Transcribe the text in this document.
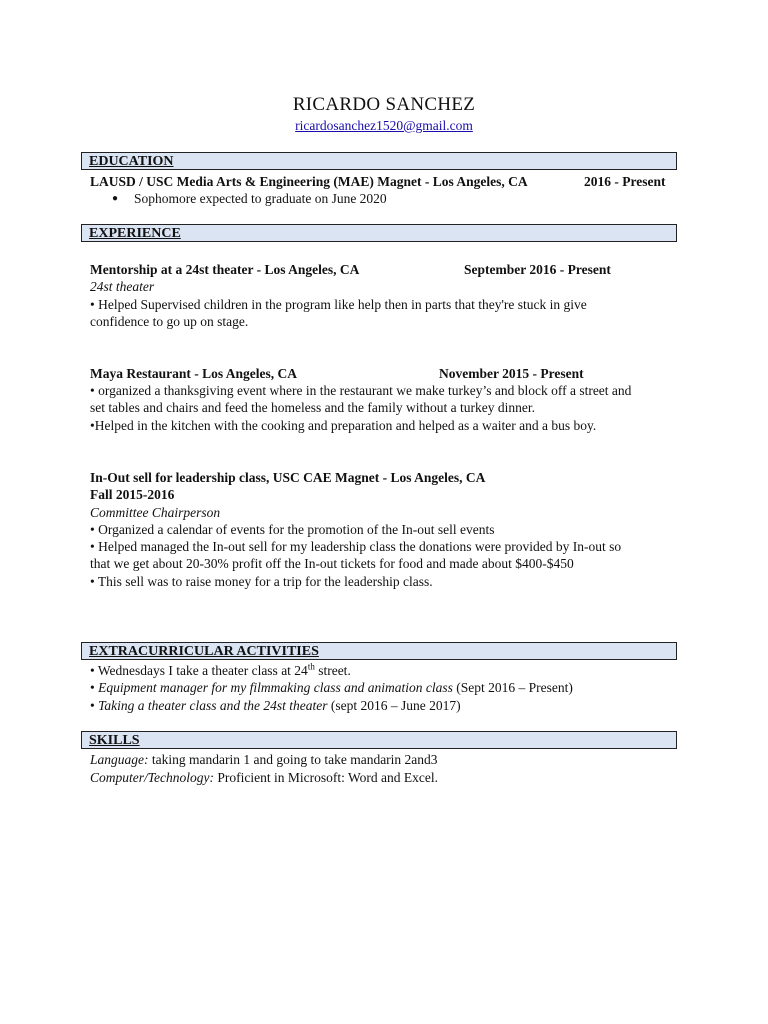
RICARDO SANCHEZ
ricardosanchez1520@gmail.com
EDUCATION
LAUSD / USC Media Arts & Engineering (MAE) Magnet - Los Angeles, CA	2016 - Present
● Sophomore expected to graduate on June 2020
EXPERIENCE
Mentorship at a 24st theater - Los Angeles, CA	September 2016 - Present
24st theater
• Helped Supervised children in the program like help then in parts that they're stuck in give
confidence to go up on stage.
Maya Restaurant - Los Angeles, CA	November 2015 - Present
• organized a thanksgiving event where in the restaurant we make turkey’s and block off a street and
set tables and chairs and feed the homeless and the family without a turkey dinner.
•Helped in the kitchen with the cooking and preparation and helped as a waiter and a bus boy.
In-Out sell for leadership class, USC CAE Magnet - Los Angeles, CA
Fall 2015-2016
Committee Chairperson
• Organized a calendar of events for the promotion of the In-out sell events
• Helped managed the In-out sell for my leadership class the donations were provided by In-out so
that we get about 20-30% profit off the In-out tickets for food and made about $400-$450
• This sell was to raise money for a trip for the leadership class.
EXTRACURRICULAR ACTIVITIES
• Wednesdays I take a theater class at 24th street.
• Equipment manager for my filmmaking class and animation class (Sept 2016 – Present)
• Taking a theater class and the 24st theater (sept 2016 – June 2017)
SKILLS
Language: taking mandarin 1 and going to take mandarin 2and3
Computer/Technology: Proficient in Microsoft: Word and Excel.
